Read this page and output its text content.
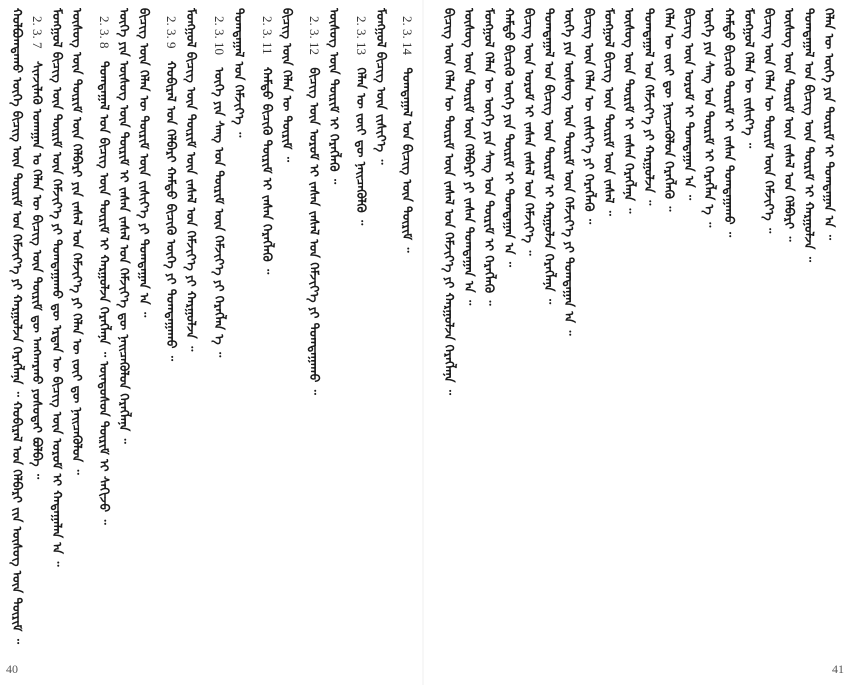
ᠬᠣᠯᠪᠣᠭᠳᠠᠬᠤ ᠦᠭᠡ ᠪᠢᠴᠢᠭ ᠦᠨ ᠳᠦᠷᠢᠮ ᠤᠨ ᠬᠡᠮᠵᠢᠶ᠎ᠡ ᠶᠢ ᠬᠠᠷᠭᠤᠯᠵᠠ ᠬᠡᠷᠡᠭᠯᠡᠨᠡ ᠃ ᠬᠤᠪᠢᠷᠠᠯ ᠤᠨ ᠬᠡᠯᠪᠡᠷᠢ ᠵᠢᠨ ᠦᠰᠦᠭ ᠦᠨ ᠳᠦᠷᠢᠮ ᠃ 2. 3. 7 ᠰᠢᠨᠵᠢᠯᠡᠬᠦ ᠤᠬᠠᠭᠠᠨ ᠤ ᠬᠡᠯᠡᠨ ᠦ ᠪᠢᠴᠢᠭ ᠦᠨ ᠳᠦᠷᠢᠮ ᠳᠦ ᠠᠩᠬᠠᠷᠬᠤ ᠶᠣᠰᠣᠲᠠᠢ ᠪᠣᠯᠪᠠ ᠃ ᠮᠣᠩᠭᠣᠯ ᠪᠢᠴᠢᠭ ᠦᠨ ᠳᠦᠷᠢᠮ ᠦᠨ ᠬᠡᠮᠵᠢᠶ᠎ᠡ ᠶᠢ ᠲᠣᠭᠲᠠᠭᠠᠬᠤ ᠳᠦ ᠡᠷᠲᠡᠨ ᠦ ᠪᠢᠴᠢᠭ ᠦᠨ ᠣᠷᠣᠮ ᠢ ᠬᠠᠳᠠᠭᠠᠯᠠᠨ ᠠ ᠃ ᠦᠰᠦᠭ ᠦᠨ ᠳᠦᠷᠢᠮ ᠦᠨ ᠬᠡᠯᠪᠡᠷᠢ ᠶᠢᠨ ᠵᠠᠰᠠᠯ ᠤᠨ ᠬᠡᠮᠵᠢᠶ᠎ᠡ ᠶᠢ ᠬᠡᠯᠡᠨ ᠦ ᠵᠦᠢ ᠳᠦ ᠨᠡᠢᠴᠡᠭᠦᠯᠦᠨ ᠃ 2. 3. 8 ᠲᠣᠭᠲᠠᠭᠠᠯ ᠤᠨ ᠪᠢᠴᠢᠭ ᠦᠨ ᠳᠦᠷᠢᠮ ᠢ ᠬᠠᠷᠭᠤᠯᠵᠠ ᠬᠡᠷᠡᠭᠯᠡᠨᠡ ᠃ ᠦᠨᠳᠦᠰᠦᠨ ᠳᠦᠷᠢᠮ ᠢ ᠰᠠᠬᠢᠵᠤ ᠃ ᠦᠭᠡ ᠶᠢᠨ ᠦᠰᠦᠭ ᠦᠨ ᠳᠦᠷᠢᠮ ᠢ ᠵᠠᠰᠠᠨ ᠵᠠᠰᠠᠯ ᠤᠨ ᠬᠡᠮᠵᠢᠶ᠎ᠡ ᠳᠦ ᠨᠡᠢᠴᠡᠭᠦᠯᠦᠨ ᠬᠡᠷᠡᠭᠯᠡᠨᠡ ᠃ ᠪᠢᠴᠢᠭ ᠦᠨ ᠬᠡᠯᠡᠨ ᠦ ᠳᠦᠷᠢᠮ ᠦᠨ ᠵᠢᠱᠢᠶ᠎ᠡ ᠶᠢ ᠲᠣᠭᠲᠠᠭᠠᠨ ᠠ ᠃ 2. 3. 9 ᠬᠤᠪᠢᠷᠠᠯ ᠤᠨ ᠬᠡᠯᠪᠡᠷᠢ ᠬᠠᠮᠲᠤ ᠪᠢᠴᠢᠬᠦ ᠦᠭᠡ ᠶᠢ ᠲᠣᠭᠲᠠᠭᠠᠬᠤ ᠃ ᠮᠣᠩᠭᠣᠯ ᠪᠢᠴᠢᠭ ᠦᠨ ᠳᠦᠷᠢᠮ ᠦᠨ ᠵᠠᠰᠠᠯ ᠤᠨ ᠬᠡᠮᠵᠢᠶ᠎ᠡ ᠶᠢ ᠬᠠᠷᠭᠤᠯᠵᠠ ᠃ 2. 3. 10 ᠦᠭᠡ ᠶᠢᠨ ᠰᠠᠩ ᠤᠨ ᠳᠦᠷᠢᠮ ᠦᠨ ᠬᠡᠮᠵᠢᠶ᠎ᠡ ᠶᠢ ᠬᠡᠷᠡᠭᠯᠡᠨ ᠡ ᠃ ᠲᠣᠭᠲᠠᠭᠠᠯ ᠤᠨ ᠬᠡᠮᠵᠢᠶ᠎ᠡ ᠃ 2. 3. 11 ᠬᠠᠮᠲᠤ ᠪᠢᠴᠢᠬᠦ ᠳᠦᠷᠢᠮ ᠢ ᠵᠠᠰᠠᠨ ᠬᠡᠷᠡᠭᠯᠡᠬᠦ ᠃ ᠪᠢᠴᠢᠭ ᠦᠨ ᠬᠡᠯᠡᠨ ᠦ ᠳᠦᠷᠢᠮ ᠃ 2. 3. 12 ᠪᠢᠴᠢᠭ ᠦᠨ ᠣᠷᠣᠮ ᠢ ᠵᠠᠰᠠᠨ ᠵᠠᠰᠠᠯ ᠤᠨ ᠬᠡᠮᠵᠢᠶ᠎ᠡ ᠶᠢ ᠲᠣᠭᠲᠠᠭᠠᠬᠤ ᠃ ᠦᠰᠦᠭ ᠦᠨ ᠳᠦᠷᠢᠮ ᠢ ᠬᠡᠷᠡᠭᠯᠡᠬᠦ ᠃ 2. 3. 13 ᠬᠡᠯᠡᠨ ᠦ ᠵᠦᠢ ᠳᠦ ᠨᠡᠢᠴᠡᠭᠦᠯᠬᠦ ᠃ ᠮᠣᠩᠭᠣᠯ ᠪᠢᠴᠢᠭ ᠦᠨ ᠵᠢᠱᠢᠶ᠎ᠡ ᠃ 2. 3. 14 ᠲᠣᠭᠲᠠᠭᠠᠯ ᠤᠨ ᠪᠢᠴᠢᠭ ᠦᠨ ᠳᠦᠷᠢᠮ ᠃ ᠪᠢᠴᠢᠭ ᠦᠨ ᠬᠡᠯᠡᠨ ᠦ ᠳᠦᠷᠢᠮ ᠦᠨ ᠵᠠᠰᠠᠯ ᠤᠨ ᠬᠡᠮᠵᠢᠶ᠎ᠡ ᠶᠢ ᠬᠠᠷᠭᠤᠯᠵᠠ ᠬᠡᠷᠡᠭᠯᠡᠨᠡ ᠃ ᠦᠰᠦᠭ ᠦᠨ ᠳᠦᠷᠢᠮ ᠦᠨ ᠬᠡᠯᠪᠡᠷᠢ ᠶᠢ ᠵᠠᠰᠠᠨ ᠲᠣᠭᠲᠠᠭᠠᠨ ᠠ ᠃ ᠮᠣᠩᠭᠣᠯ ᠬᠡᠯᠡᠨ ᠦ ᠦᠭᠡ ᠶᠢᠨ ᠰᠠᠩ ᠤᠨ ᠳᠦᠷᠢᠮ ᠢ ᠬᠡᠷᠡᠭᠯᠡᠬᠦ ᠃ ᠬᠠᠮᠲᠤ ᠪᠢᠴᠢᠬᠦ ᠦᠭᠡ ᠶᠢᠨ ᠳᠦᠷᠢᠮ ᠢ ᠲᠣᠭᠲᠠᠭᠠᠨ ᠠ ᠃ ᠪᠢᠴᠢᠭ ᠦᠨ ᠣᠷᠣᠮ ᠢ ᠵᠠᠰᠠᠨ ᠵᠠᠰᠠᠯ ᠤᠨ ᠬᠡᠮᠵᠢᠶ᠎ᠡ ᠃ ᠲᠣᠭᠲᠠᠭᠠᠯ ᠤᠨ ᠪᠢᠴᠢᠭ ᠦᠨ ᠳᠦᠷᠢᠮ ᠢ ᠬᠠᠷᠭᠤᠯᠵᠠ ᠬᠡᠷᠡᠭᠯᠡᠨᠡ ᠃ ᠦᠭᠡ ᠶᠢᠨ ᠦᠰᠦᠭ ᠦᠨ ᠳᠦᠷᠢᠮ ᠦᠨ ᠬᠡᠮᠵᠢᠶ᠎ᠡ ᠶᠢ ᠲᠣᠭᠲᠠᠭᠠᠨ ᠠ ᠃ ᠪᠢᠴᠢᠭ ᠦᠨ ᠬᠡᠯᠡᠨ ᠦ ᠵᠢᠱᠢᠶ᠎ᠡ ᠶᠢ ᠬᠡᠷᠡᠭᠯᠡᠬᠦ ᠃ ᠮᠣᠩᠭᠣᠯ ᠪᠢᠴᠢᠭ ᠦᠨ ᠳᠦᠷᠢᠮ ᠦᠨ ᠵᠠᠰᠠᠯ ᠃ ᠦᠰᠦᠭ ᠦᠨ ᠳᠦᠷᠢᠮ ᠢ ᠵᠠᠰᠠᠨ ᠬᠡᠷᠡᠭᠯᠡᠨᠡ ᠃ ᠲᠣᠭᠲᠠᠭᠠᠯ ᠤᠨ ᠬᠡᠮᠵᠢᠶ᠎ᠡ ᠶᠢ ᠬᠠᠷᠭᠤᠯᠵᠠ ᠃ ᠬᠡᠯᠡᠨ ᠦ ᠵᠦᠢ ᠳᠦ ᠨᠡᠢᠴᠡᠭᠦᠯᠦᠨ ᠬᠡᠷᠡᠭᠯᠡᠬᠦ ᠃ ᠪᠢᠴᠢᠭ ᠦᠨ ᠣᠷᠣᠮ ᠢ ᠲᠣᠭᠲᠠᠭᠠᠨ ᠠ ᠃ ᠦᠭᠡ ᠶᠢᠨ ᠰᠠᠩ ᠤᠨ ᠳᠦᠷᠢᠮ ᠢ ᠬᠡᠷᠡᠭᠯᠡᠨ ᠡ ᠃ ᠬᠠᠮᠲᠤ ᠪᠢᠴᠢᠬᠦ ᠳᠦᠷᠢᠮ ᠢ ᠵᠠᠰᠠᠨ ᠲᠣᠭᠲᠠᠭᠠᠬᠤ ᠃ ᠮᠣᠩᠭᠣᠯ ᠬᠡᠯᠡᠨ ᠦ ᠵᠢᠱᠢᠶ᠎ᠡ ᠃ ᠪᠢᠴᠢᠭ ᠦᠨ ᠬᠡᠯᠡᠨ ᠦ ᠳᠦᠷᠢᠮ ᠦᠨ ᠬᠡᠮᠵᠢᠶ᠎ᠡ ᠃ ᠦᠰᠦᠭ ᠦᠨ ᠳᠦᠷᠢᠮ ᠦᠨ ᠵᠠᠰᠠᠯ ᠤᠨ ᠬᠡᠯᠪᠡᠷᠢ ᠃ ᠲᠣᠭᠲᠠᠭᠠᠯ ᠤᠨ ᠪᠢᠴᠢᠭ ᠦᠨ ᠳᠦᠷᠢᠮ ᠢ ᠬᠠᠷᠭᠤᠯᠵᠠ ᠃ ᠬᠡᠯᠡᠨ ᠦ ᠦᠭᠡ ᠶᠢᠨ ᠳᠦᠷᠢᠮ ᠢ ᠲᠣᠭᠲᠠᠭᠠᠨ ᠠ ᠃
40	41
